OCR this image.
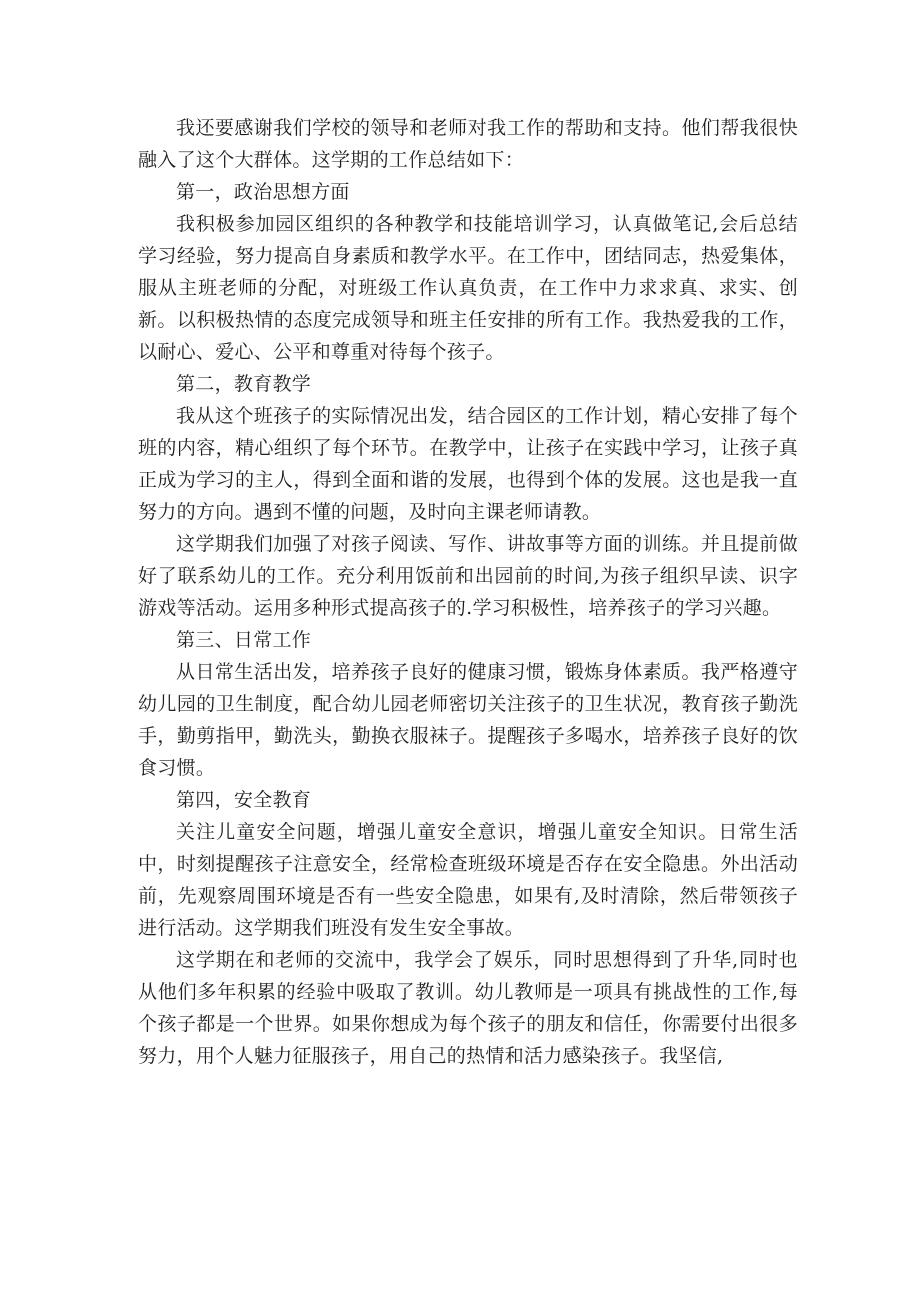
我还要感谢我们学校的领导和老师对我工作的帮助和支持。他们帮我很快融入了这个大群体。这学期的工作总结如下：

第一，政治思想方面

我积极参加园区组织的各种教学和技能培训学习，认真做笔记,会后总结学习经验，努力提高自身素质和教学水平。在工作中，团结同志，热爱集体，服从主班老师的分配，对班级工作认真负责，在工作中力求求真、求实、创新。以积极热情的态度完成领导和班主任安排的所有工作。我热爱我的工作，以耐心、爱心、公平和尊重对待每个孩子。

第二，教育教学

我从这个班孩子的实际情况出发，结合园区的工作计划，精心安排了每个班的内容，精心组织了每个环节。在教学中，让孩子在实践中学习，让孩子真正成为学习的主人，得到全面和谐的发展，也得到个体的发展。这也是我一直努力的方向。遇到不懂的问题，及时向主课老师请教。

这学期我们加强了对孩子阅读、写作、讲故事等方面的训练。并且提前做好了联系幼儿的工作。充分利用饭前和出园前的时间,为孩子组织早读、识字游戏等活动。运用多种形式提高孩子的.学习积极性，培养孩子的学习兴趣。

第三、日常工作

从日常生活出发，培养孩子良好的健康习惯，锻炼身体素质。我严格遵守幼儿园的卫生制度，配合幼儿园老师密切关注孩子的卫生状况，教育孩子勤洗手，勤剪指甲，勤洗头，勤换衣服袜子。提醒孩子多喝水，培养孩子良好的饮食习惯。

第四，安全教育

关注儿童安全问题，增强儿童安全意识，增强儿童安全知识。日常生活中，时刻提醒孩子注意安全，经常检查班级环境是否存在安全隐患。外出活动前，先观察周围环境是否有一些安全隐患，如果有,及时清除，然后带领孩子进行活动。这学期我们班没有发生安全事故。

这学期在和老师的交流中，我学会了娱乐，同时思想得到了升华,同时也从他们多年积累的经验中吸取了教训。幼儿教师是一项具有挑战性的工作,每个孩子都是一个世界。如果你想成为每个孩子的朋友和信任，你需要付出很多努力，用个人魅力征服孩子，用自己的热情和活力感染孩子。我坚信,
